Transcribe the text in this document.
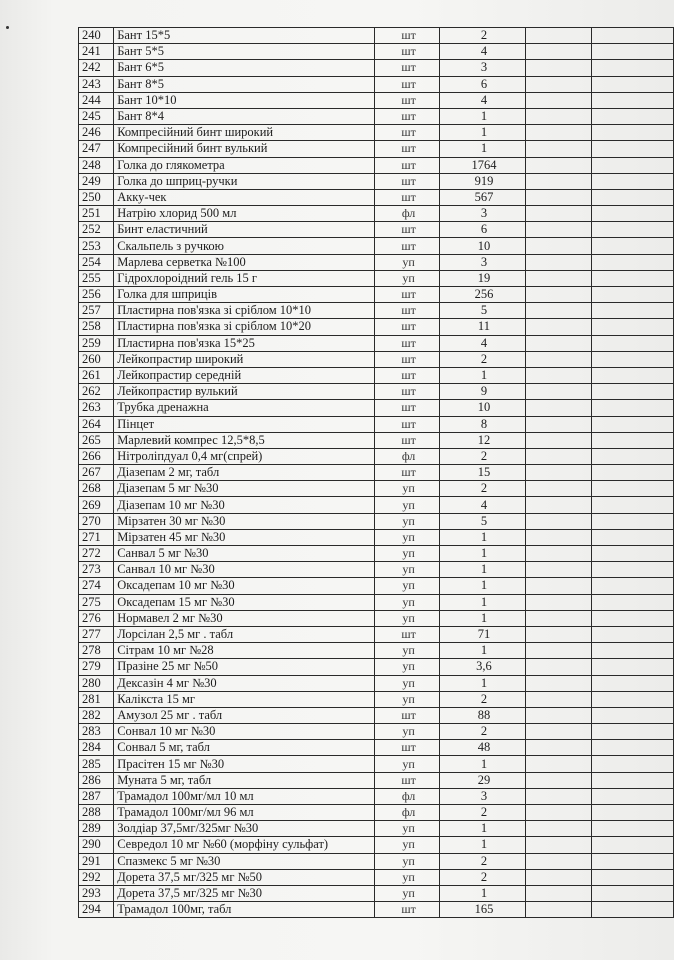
240	Бант 15*5	шт	2		
241	Бант 5*5	шт	4		
242	Бант 6*5	шт	3		
243	Бант 8*5	шт	6		
244	Бант 10*10	шт	4		
245	Бант 8*4	шт	1		
246	Компресійний бинт широкий	шт	1		
247	Компресійний бинт вулький	шт	1		
248	Голка до глякометра	шт	1764		
249	Голка до шприц-ручки	шт	919		
250	Акку-чек	шт	567		
251	Натрію хлорид 500 мл	фл	3		
252	Бинт еластичний	шт	6		
253	Скальпель з ручкою	шт	10		
254	Марлева серветка №100	уп	3		
255	Гідрохлороідний гель 15 г	уп	19		
256	Голка для шприців	шт	256		
257	Пластирна пов'язка зі сріблом 10*10	шт	5		
258	Пластирна пов'язка зі сріблом 10*20	шт	11		
259	Пластирна пов'язка 15*25	шт	4		
260	Лейкопрастир широкий	шт	2		
261	Лейкопрастир середній	шт	1		
262	Лейкопрастир вулький	шт	9		
263	Трубка дренажна	шт	10		
264	Пінцет	шт	8		
265	Марлевий компрес 12,5*8,5	шт	12		
266	Нітроліпдуал 0,4 мг(спрей)	фл	2		
267	Діазепам 2 мг, табл	шт	15		
268	Діазепам 5 мг №30	уп	2		
269	Діазепам 10 мг №30	уп	4		
270	Мірзатен 30 мг №30	уп	5		
271	Мірзатен 45 мг №30	уп	1		
272	Санвал 5 мг №30	уп	1		
273	Санвал 10 мг №30	уп	1		
274	Оксадепам 10 мг №30	уп	1		
275	Оксадепам 15 мг №30	уп	1		
276	Нормавел 2 мг №30	уп	1		
277	Лорсілан 2,5 мг . табл	шт	71		
278	Сітрам 10 мг №28	уп	1		
279	Празіне 25 мг №50	уп	3,6		
280	Дексазін 4 мг №30	уп	1		
281	Калікста 15 мг	уп	2		
282	Амузол 25 мг . табл	шт	88		
283	Сонвал 10 мг №30	уп	2		
284	Сонвал 5 мг, табл	шт	48		
285	Прасітен 15 мг №30	уп	1		
286	Муната 5 мг, табл	шт	29		
287	Трамадол 100мг/мл 10 мл	фл	3		
288	Трамадол 100мг/мл 96 мл	фл	2		
289	Золдіар 37,5мг/325мг №30	уп	1		
290	Севредол 10 мг №60 (морфіну сульфат)	уп	1		
291	Спазмекс 5 мг №30	уп	2		
292	Дорета 37,5 мг/325 мг №50	уп	2		
293	Дорета 37,5 мг/325 мг №30	уп	1		
294	Трамадол 100мг, табл	шт	165		
